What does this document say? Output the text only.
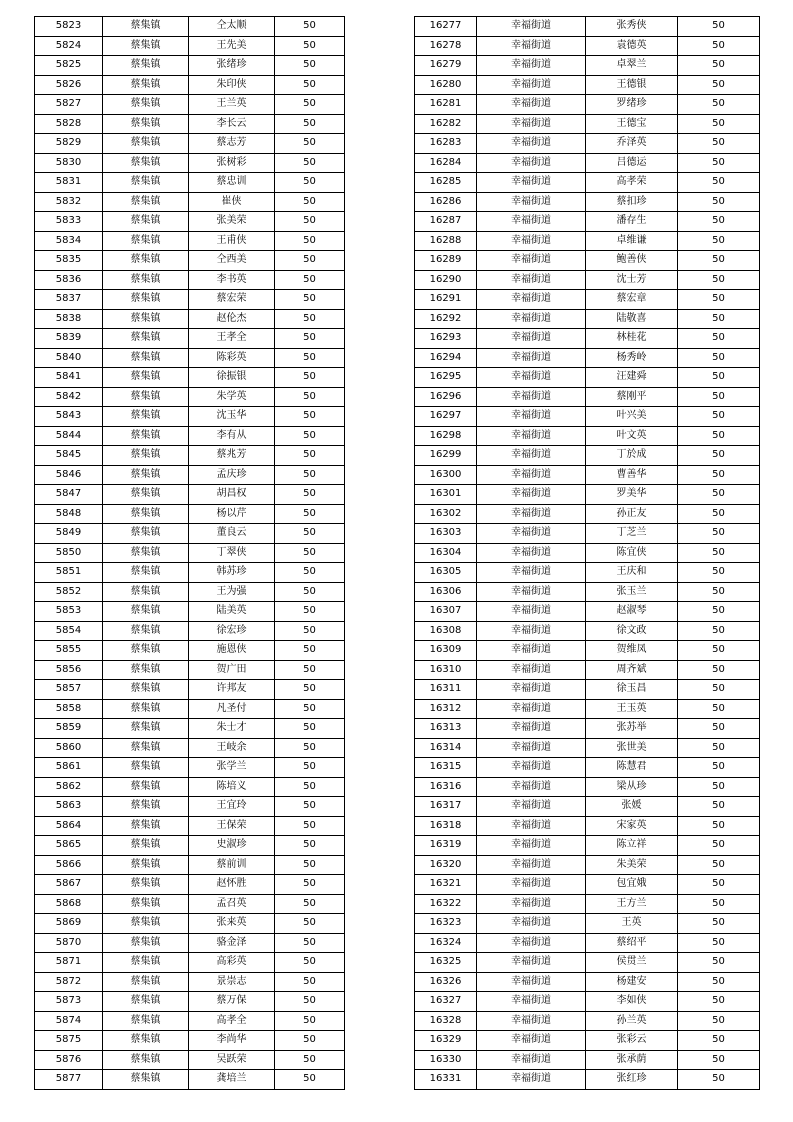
5823	蔡集镇	仝太顺	50
5824	蔡集镇	王先美	50
5825	蔡集镇	张绪珍	50
5826	蔡集镇	朱印侠	50
5827	蔡集镇	王兰英	50
5828	蔡集镇	李长云	50
5829	蔡集镇	蔡志芳	50
5830	蔡集镇	张树彩	50
5831	蔡集镇	蔡忠训	50
5832	蔡集镇	崔侠	50
5833	蔡集镇	张美荣	50
5834	蔡集镇	王甫侠	50
5835	蔡集镇	仝西美	50
5836	蔡集镇	李书英	50
5837	蔡集镇	蔡宏荣	50
5838	蔡集镇	赵伦杰	50
5839	蔡集镇	王孝全	50
5840	蔡集镇	陈彩英	50
5841	蔡集镇	徐振银	50
5842	蔡集镇	朱学英	50
5843	蔡集镇	沈玉华	50
5844	蔡集镇	李有从	50
5845	蔡集镇	蔡兆芳	50
5846	蔡集镇	孟庆珍	50
5847	蔡集镇	胡昌权	50
5848	蔡集镇	杨以芹	50
5849	蔡集镇	董良云	50
5850	蔡集镇	丁翠侠	50
5851	蔡集镇	韩苏珍	50
5852	蔡集镇	王为强	50
5853	蔡集镇	陆美英	50
5854	蔡集镇	徐宏珍	50
5855	蔡集镇	施恩侠	50
5856	蔡集镇	贺广田	50
5857	蔡集镇	许邦友	50
5858	蔡集镇	凡圣付	50
5859	蔡集镇	朱士才	50
5860	蔡集镇	王岐余	50
5861	蔡集镇	张学兰	50
5862	蔡集镇	陈培义	50
5863	蔡集镇	王宜玲	50
5864	蔡集镇	王保荣	50
5865	蔡集镇	史淑珍	50
5866	蔡集镇	蔡前训	50
5867	蔡集镇	赵怀胜	50
5868	蔡集镇	孟召英	50
5869	蔡集镇	张来英	50
5870	蔡集镇	骆金泽	50
5871	蔡集镇	高彩英	50
5872	蔡集镇	景崇志	50
5873	蔡集镇	蔡万保	50
5874	蔡集镇	高孝全	50
5875	蔡集镇	李尚华	50
5876	蔡集镇	吴跃荣	50
5877	蔡集镇	龚培兰	50
16277	幸福街道	张秀侠	50
16278	幸福街道	袁德英	50
16279	幸福街道	卓翠兰	50
16280	幸福街道	王德银	50
16281	幸福街道	罗绪珍	50
16282	幸福街道	王德宝	50
16283	幸福街道	乔泽英	50
16284	幸福街道	吕德运	50
16285	幸福街道	高孝荣	50
16286	幸福街道	蔡扣珍	50
16287	幸福街道	潘存生	50
16288	幸福街道	卓维谦	50
16289	幸福街道	鲍善侠	50
16290	幸福街道	沈士芳	50
16291	幸福街道	蔡宏章	50
16292	幸福街道	陆敬喜	50
16293	幸福街道	林桂花	50
16294	幸福街道	杨秀岭	50
16295	幸福街道	汪建舜	50
16296	幸福街道	蔡刚平	50
16297	幸福街道	叶兴美	50
16298	幸福街道	叶文英	50
16299	幸福街道	丁於成	50
16300	幸福街道	曹善华	50
16301	幸福街道	罗美华	50
16302	幸福街道	孙正友	50
16303	幸福街道	丁芝兰	50
16304	幸福街道	陈宜侠	50
16305	幸福街道	王庆和	50
16306	幸福街道	张玉兰	50
16307	幸福街道	赵淑琴	50
16308	幸福街道	徐文政	50
16309	幸福街道	贺维凤	50
16310	幸福街道	周齐斌	50
16311	幸福街道	徐玉昌	50
16312	幸福街道	王玉英	50
16313	幸福街道	张苏举	50
16314	幸福街道	张世美	50
16315	幸福街道	陈慧君	50
16316	幸福街道	梁从珍	50
16317	幸福街道	张媛	50
16318	幸福街道	宋家英	50
16319	幸福街道	陈立祥	50
16320	幸福街道	朱美荣	50
16321	幸福街道	包宜娥	50
16322	幸福街道	王方兰	50
16323	幸福街道	王英	50
16324	幸福街道	蔡绍平	50
16325	幸福街道	侯贯兰	50
16326	幸福街道	杨建安	50
16327	幸福街道	李如侠	50
16328	幸福街道	孙兰英	50
16329	幸福街道	张彩云	50
16330	幸福街道	张承荫	50
16331	幸福街道	张红珍	50
